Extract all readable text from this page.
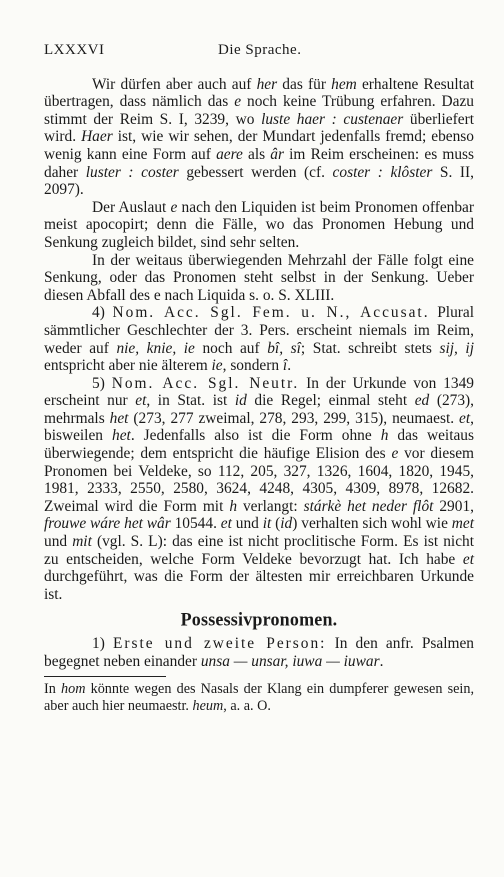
LXXXVI	Die Sprache.

Wir dürfen aber auch auf her das für hem erhaltene Resultat übertragen, dass nämlich das e noch keine Trübung erfahren. Dazu stimmt der Reim S. I, 3239, wo luste haer : custenaer überliefert wird. Haer ist, wie wir sehen, der Mundart jedenfalls fremd; ebenso wenig kann eine Form auf aere als âr im Reim erscheinen: es muss daher luster : coster gebessert werden (cf. coster : klôster S. II, 2097).

Der Auslaut e nach den Liquiden ist beim Pronomen offenbar meist apocopirt; denn die Fälle, wo das Pronomen Hebung und Senkung zugleich bildet, sind sehr selten.

In der weitaus überwiegenden Mehrzahl der Fälle folgt eine Senkung, oder das Pronomen steht selbst in der Senkung. Ueber diesen Abfall des e nach Liquida s. o. S. XLIII.

4) Nom. Acc. Sgl. Fem. u. N., Accusat. Plural sämmtlicher Geschlechter der 3. Pers. erscheint niemals im Reim, weder auf nie, knie, ie noch auf bî, sî; Stat. schreibt stets sij, ij entspricht aber nie älterem ie, sondern î.

5) Nom. Acc. Sgl. Neutr. In der Urkunde von 1349 erscheint nur et, in Stat. ist id die Regel; einmal steht ed (273), mehrmals het (273, 277 zweimal, 278, 293, 299, 315), neumaest. et, bisweilen het. Jedenfalls also ist die Form ohne h das weitaus überwiegende; dem entspricht die häufige Elision des e vor diesem Pronomen bei Veldeke, so 112, 205, 327, 1326, 1604, 1820, 1945, 1981, 2333, 2550, 2580, 3624, 4248, 4305, 4309, 8978, 12682. Zweimal wird die Form mit h verlangt: stárkè het neder flôt 2901, frouwe wáre het wâr 10544. et und it (id) verhalten sich wohl wie met und mit (vgl. S. L): das eine ist nicht proclitische Form. Es ist nicht zu entscheiden, welche Form Veldeke bevorzugt hat. Ich habe et durchgeführt, was die Form der ältesten mir erreichbaren Urkunde ist.

Possessivpronomen.

1) Erste und zweite Person: In den anfr. Psalmen begegnet neben einander unsa — unsar, iuwa — iuwar.

In hom könnte wegen des Nasals der Klang ein dumpferer gewesen sein, aber auch hier neumaestr. heum, a. a. O.
